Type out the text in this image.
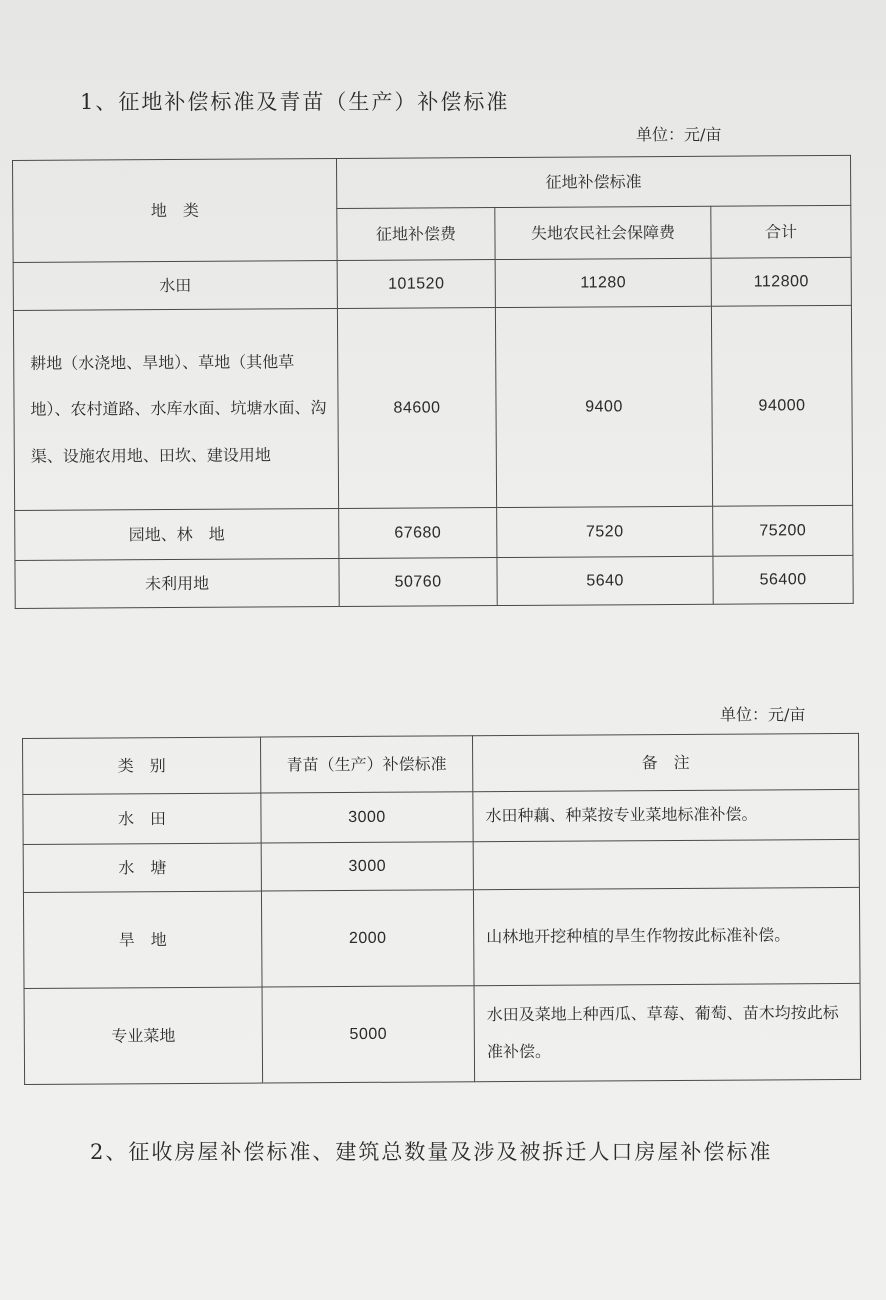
1、征地补偿标准及青苗（生产）补偿标准
单位：元/亩
地　类	征地补偿标准		
	征地补偿费	失地农民社会保障费	合计
水田	101520	11280	112800
耕地（水浇地、旱地）、草地（其他草地）、农村道路、水库水面、坑塘水面、沟渠、设施农用地、田坎、建设用地	84600	9400	94000
园地、林　地	67680	7520	75200
未利用地	50760	5640	56400
单位：元/亩
类　别	青苗（生产）补偿标准	备　注
水　田	3000	水田种藕、种菜按专业菜地标准补偿。
水　塘	3000	
旱　地	2000	山林地开挖种植的旱生作物按此标准补偿。
专业菜地	5000	水田及菜地上种西瓜、草莓、葡萄、苗木均按此标准补偿。
2、征收房屋补偿标准、建筑总数量及涉及被拆迁人口房屋补偿标准
